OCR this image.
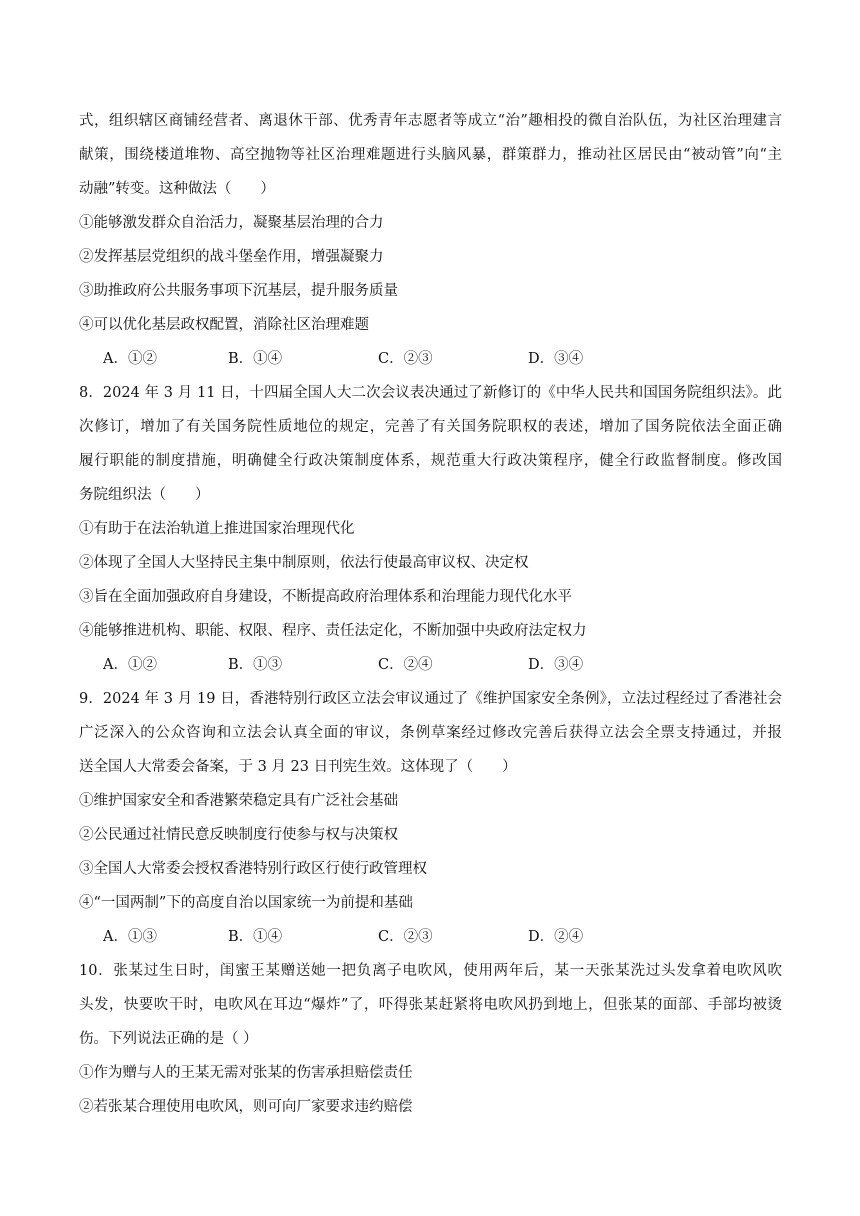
式，组织辖区商铺经营者、离退休干部、优秀青年志愿者等成立“治”趣相投的微自治队伍，为社区治理建言
献策，围绕楼道堆物、高空抛物等社区治理难题进行头脑风暴，群策群力，推动社区居民由“被动管”向“主
动融”转变。这种做法（　　）
①能够激发群众自治活力，凝聚基层治理的合力
②发挥基层党组织的战斗堡垒作用，增强凝聚力
③助推政府公共服务事项下沉基层，提升服务质量
④可以优化基层政权配置，消除社区治理难题
A．①②	B．①④	C．②③	D．③④
8．2024 年 3 月 11 日，十四届全国人大二次会议表决通过了新修订的《中华人民共和国国务院组织法》。此
次修订，增加了有关国务院性质地位的规定，完善了有关国务院职权的表述，增加了国务院依法全面正确
履行职能的制度措施，明确健全行政决策制度体系，规范重大行政决策程序，健全行政监督制度。修改国
务院组织法（　　）
①有助于在法治轨道上推进国家治理现代化
②体现了全国人大坚持民主集中制原则，依法行使最高审议权、决定权
③旨在全面加强政府自身建设，不断提高政府治理体系和治理能力现代化水平
④能够推进机构、职能、权限、程序、责任法定化，不断加强中央政府法定权力
A．①②	B．①③	C．②④	D．③④
9．2024 年 3 月 19 日，香港特别行政区立法会审议通过了《维护国家安全条例》，立法过程经过了香港社会
广泛深入的公众咨询和立法会认真全面的审议，条例草案经过修改完善后获得立法会全票支持通过，并报
送全国人大常委会备案，于 3 月 23 日刊宪生效。这体现了（　　）
①维护国家安全和香港繁荣稳定具有广泛社会基础
②公民通过社情民意反映制度行使参与权与决策权
③全国人大常委会授权香港特别行政区行使行政管理权
④“一国两制”下的高度自治以国家统一为前提和基础
A．①③	B．①④	C．②③	D．②④
10．张某过生日时，闺蜜王某赠送她一把负离子电吹风，使用两年后，某一天张某洗过头发拿着电吹风吹
头发，快要吹干时，电吹风在耳边“爆炸”了，吓得张某赶紧将电吹风扔到地上，但张某的面部、手部均被烫
伤。下列说法正确的是（ ）
①作为赠与人的王某无需对张某的伤害承担赔偿责任
②若张某合理使用电吹风，则可向厂家要求违约赔偿
